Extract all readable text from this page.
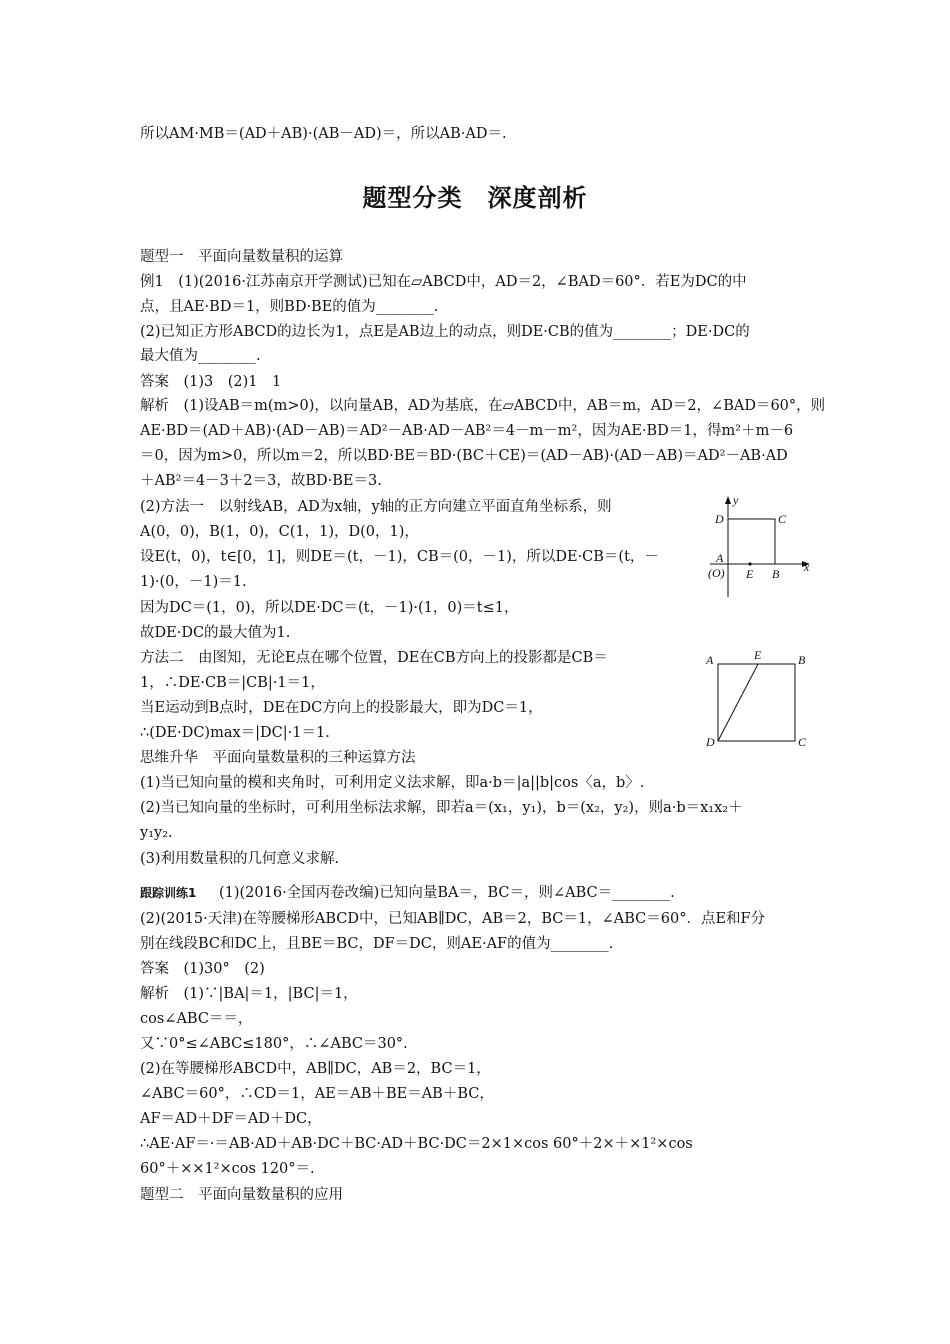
所以AM·MB＝(AD＋AB)·(AB－AD)＝，所以AB·AD＝.
题型分类　深度剖析
题型一　平面向量数量积的运算
例1　(1)(2016·江苏南京开学测试)已知在▱ABCD中，AD＝2，∠BAD＝60°．若E为DC的中
点，且AE·BD＝1，则BD·BE的值为________.
(2)已知正方形ABCD的边长为1，点E是AB边上的动点，则DE·CB的值为________；DE·DC的
最大值为________.
答案　(1)3　(2)1　1
解析　(1)设AB＝m(m>0)，以向量AB，AD为基底，在▱ABCD中，AB＝m，AD＝2，∠BAD＝60°，则
AE·BD＝(AD＋AB)·(AD－AB)＝AD²－AB·AD－AB²＝4－m－m²，因为AE·BD＝1，得m²＋m－6
＝0，因为m>0，所以m＝2，所以BD·BE＝BD·(BC＋CE)＝(AD－AB)·(AD－AB)＝AD²－AB·AD
＋AB²＝4－3＋2＝3，故BD·BE＝3.
(2)方法一　以射线AB，AD为x轴，y轴的正方向建立平面直角坐标系，则
A(0，0)，B(1，0)，C(1，1)，D(0，1)，
设E(t，0)，t∈[0，1]，则DE＝(t，－1)，CB＝(0，－1)，所以DE·CB＝(t，－
1)·(0，－1)＝1.
因为DC＝(1，0)，所以DE·DC＝(t，－1)·(1，0)＝t≤1，
故DE·DC的最大值为1.
方法二　由图知，无论E点在哪个位置，DE在CB方向上的投影都是CB＝
1，∴DE·CB＝|CB|·1＝1，
当E运动到B点时，DE在DC方向上的投影最大，即为DC＝1，
∴(DE·DC)max＝|DC|·1＝1.
思维升华　平面向量数量积的三种运算方法
(1)当已知向量的模和夹角时，可利用定义法求解，即a·b＝|a||b|cos〈a，b〉.
(2)当已知向量的坐标时，可利用坐标法求解，即若a＝(x₁，y₁)，b＝(x₂，y₂)，则a·b＝x₁x₂＋
y₁y₂.
(3)利用数量积的几何意义求解.
跟踪训练1 (1)(2016·全国丙卷改编)已知向量BA＝，BC＝，则∠ABC＝________.
(2)(2015·天津)在等腰梯形ABCD中，已知AB∥DC，AB＝2，BC＝1，∠ABC＝60°．点E和F分
别在线段BC和DC上，且BE＝BC，DF＝DC，则AE·AF的值为________.
答案　(1)30°　(2)
解析　(1)∵|BA|＝1，|BC|＝1，
cos∠ABC＝＝，
又∵0°≤∠ABC≤180°，∴∠ABC＝30°.
(2)在等腰梯形ABCD中，AB∥DC，AB＝2，BC＝1，
∠ABC＝60°，∴CD＝1，AE＝AB＋BE＝AB＋BC，
AF＝AD＋DF＝AD＋DC，
∴AE·AF＝·＝AB·AD＋AB·DC＋BC·AD＋BC·DC＝2×1×cos 60°＋2×＋×1²×cos
60°＋××1²×cos 120°＝.
题型二　平面向量数量积的应用
y
x
D	C
A
(O) E B
A	E	B
D	C
